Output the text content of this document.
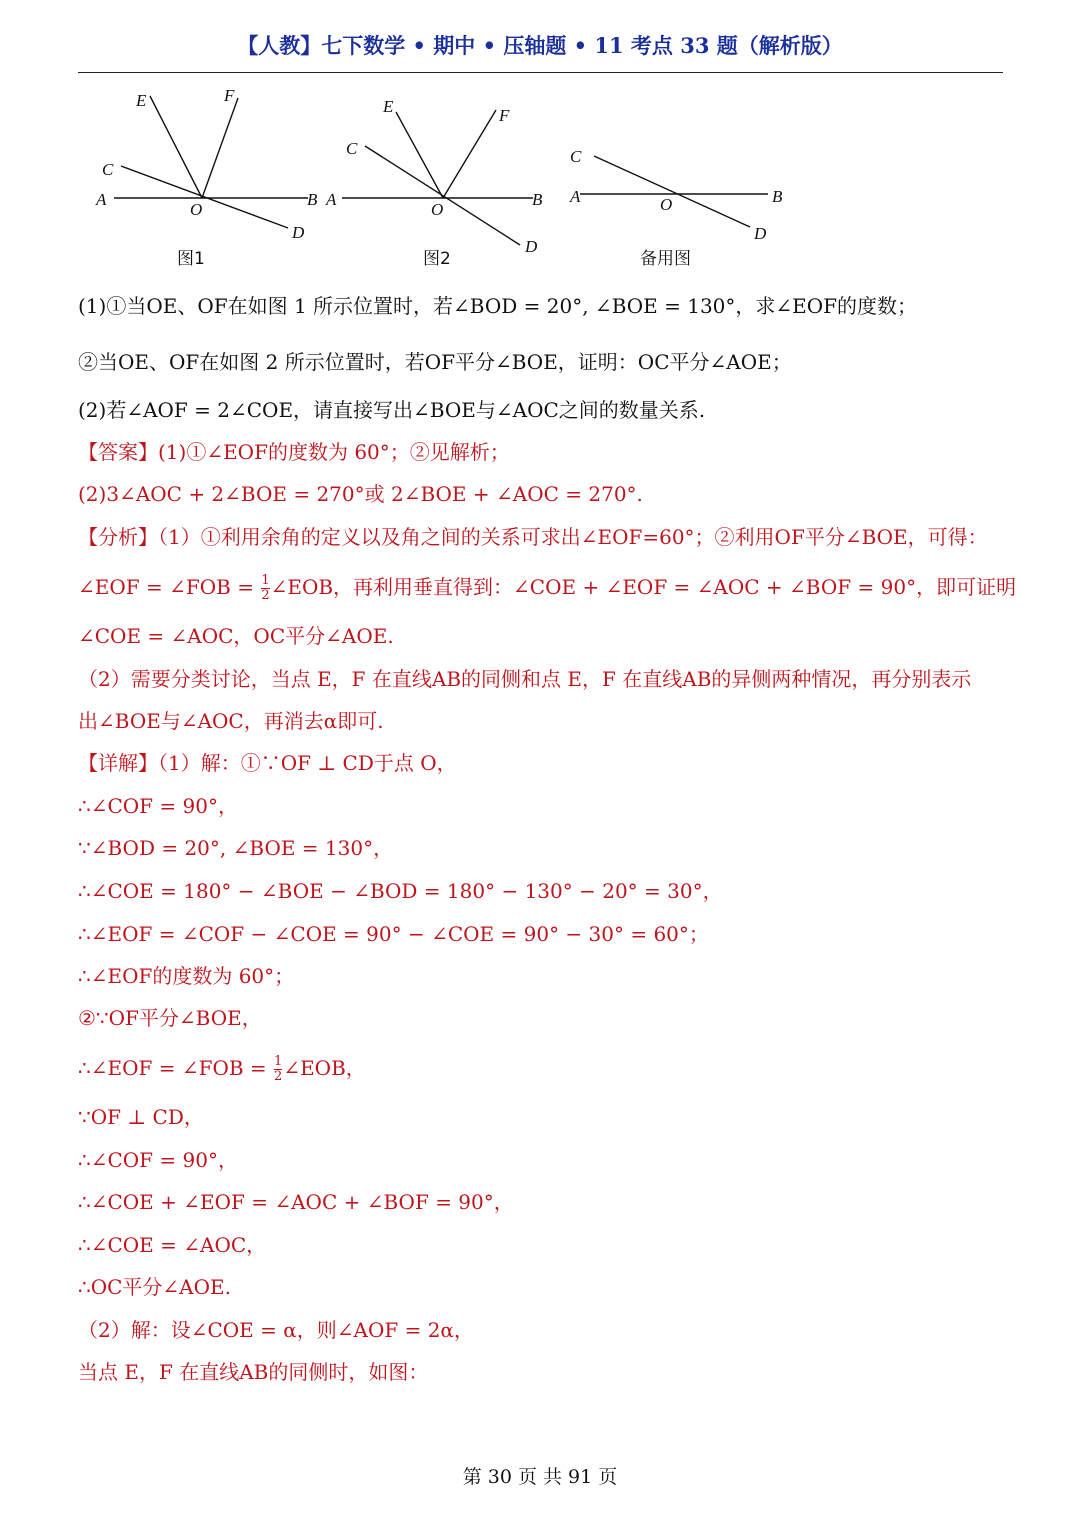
【人教】七下数学 • 期中 • 压轴题 • 11 考点 33 题（解析版）
A	B
C
D
E	F
O
图1
A	B
C
D
E	F
O
图2
A	B
C
D
O
备用图
(1)①当OE、OF在如图 1 所示位置时，若∠BOD = 20°, ∠BOE = 130°，求∠EOF的度数；
②当OE、OF在如图 2 所示位置时，若OF平分∠BOE，证明：OC平分∠AOE；
(2)若∠AOF = 2∠COE，请直接写出∠BOE与∠AOC之间的数量关系.
【答案】(1)①∠EOF的度数为 60°；②见解析；
(2)3∠AOC + 2∠BOE = 270°或 2∠BOE + ∠AOC = 270°.
【分析】（1）①利用余角的定义以及角之间的关系可求出∠EOF=60°；②利用OF平分∠BOE，可得：
∠EOF = ∠FOB = $\frac{1}{2}$ ∠EOB，再利用垂直得到：∠COE + ∠EOF = ∠AOC + ∠BOF = 90°，即可证明
∠COE = ∠AOC，OC平分∠AOE.
（2）需要分类讨论，当点 E，F 在直线AB的同侧和点 E，F 在直线AB的异侧两种情况，再分别表示
出∠BOE与∠AOC，再消去α即可.
【详解】（1）解：①∵OF ⊥ CD于点 O，
∴∠COF = 90°，
∵∠BOD = 20°, ∠BOE = 130°，
∴∠COE = 180° − ∠BOE − ∠BOD = 180° − 130° − 20° = 30°，
∴∠EOF = ∠COF − ∠COE = 90° − ∠COE = 90° − 30° = 60°；
∴∠EOF的度数为 60°；
②∵OF平分∠BOE，
∴∠EOF = ∠FOB = $\frac{1}{2}$ ∠EOB，
∵OF ⊥ CD，
∴∠COF = 90°，
∴∠COE + ∠EOF = ∠AOC + ∠BOF = 90°，
∴∠COE = ∠AOC，
∴OC平分∠AOE.
（2）解：设∠COE = α，则∠AOF = 2α，
当点 E，F 在直线AB的同侧时，如图：
第 30 页 共 91 页
